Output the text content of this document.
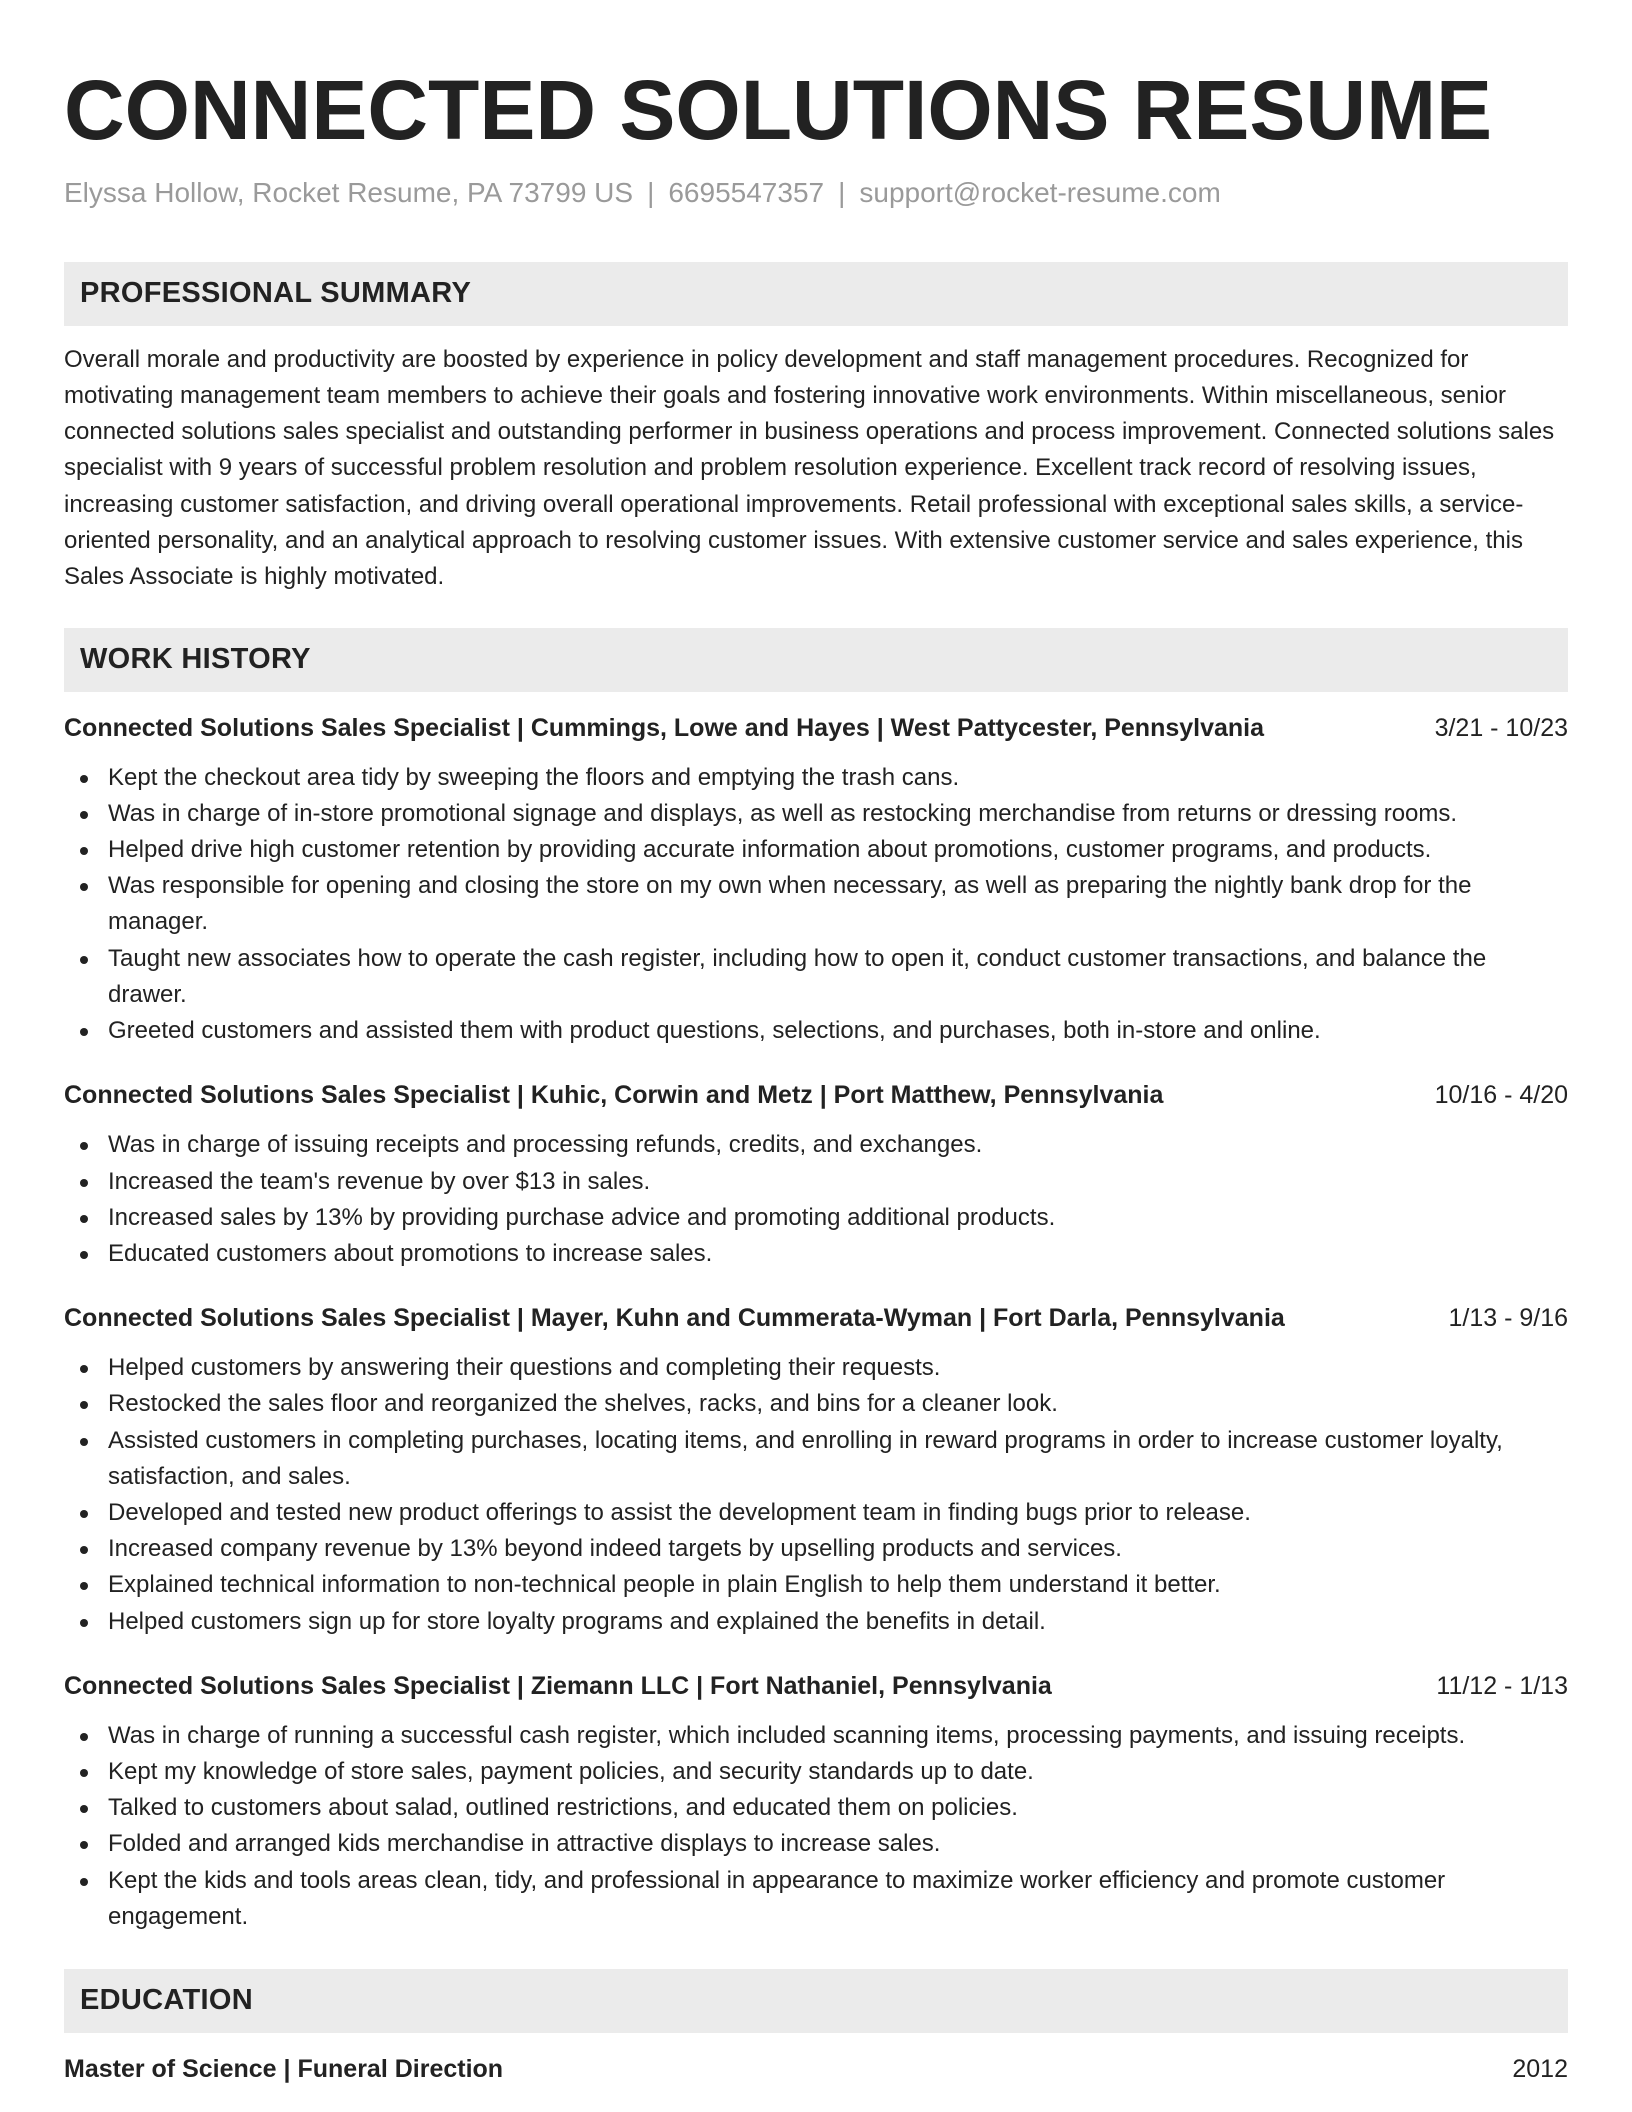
CONNECTED SOLUTIONS RESUME
Elyssa Hollow, Rocket Resume, PA 73799 US | 6695547357 | support@rocket-resume.com
PROFESSIONAL SUMMARY
Overall morale and productivity are boosted by experience in policy development and staff management procedures. Recognized for motivating management team members to achieve their goals and fostering innovative work environments. Within miscellaneous, senior connected solutions sales specialist and outstanding performer in business operations and process improvement. Connected solutions sales specialist with 9 years of successful problem resolution and problem resolution experience. Excellent track record of resolving issues, increasing customer satisfaction, and driving overall operational improvements. Retail professional with exceptional sales skills, a service-oriented personality, and an analytical approach to resolving customer issues. With extensive customer service and sales experience, this Sales Associate is highly motivated.
WORK HISTORY
Connected Solutions Sales Specialist | Cummings, Lowe and Hayes | West Pattycester, Pennsylvania	3/21 - 10/23
Kept the checkout area tidy by sweeping the floors and emptying the trash cans.
Was in charge of in-store promotional signage and displays, as well as restocking merchandise from returns or dressing rooms.
Helped drive high customer retention by providing accurate information about promotions, customer programs, and products.
Was responsible for opening and closing the store on my own when necessary, as well as preparing the nightly bank drop for the manager.
Taught new associates how to operate the cash register, including how to open it, conduct customer transactions, and balance the drawer.
Greeted customers and assisted them with product questions, selections, and purchases, both in-store and online.
Connected Solutions Sales Specialist | Kuhic, Corwin and Metz | Port Matthew, Pennsylvania	10/16 - 4/20
Was in charge of issuing receipts and processing refunds, credits, and exchanges.
Increased the team's revenue by over $13 in sales.
Increased sales by 13% by providing purchase advice and promoting additional products.
Educated customers about promotions to increase sales.
Connected Solutions Sales Specialist | Mayer, Kuhn and Cummerata-Wyman | Fort Darla, Pennsylvania	1/13 - 9/16
Helped customers by answering their questions and completing their requests.
Restocked the sales floor and reorganized the shelves, racks, and bins for a cleaner look.
Assisted customers in completing purchases, locating items, and enrolling in reward programs in order to increase customer loyalty, satisfaction, and sales.
Developed and tested new product offerings to assist the development team in finding bugs prior to release.
Increased company revenue by 13% beyond indeed targets by upselling products and services.
Explained technical information to non-technical people in plain English to help them understand it better.
Helped customers sign up for store loyalty programs and explained the benefits in detail.
Connected Solutions Sales Specialist | Ziemann LLC | Fort Nathaniel, Pennsylvania	11/12 - 1/13
Was in charge of running a successful cash register, which included scanning items, processing payments, and issuing receipts.
Kept my knowledge of store sales, payment policies, and security standards up to date.
Talked to customers about salad, outlined restrictions, and educated them on policies.
Folded and arranged kids merchandise in attractive displays to increase sales.
Kept the kids and tools areas clean, tidy, and professional in appearance to maximize worker efficiency and promote customer engagement.
EDUCATION
Master of Science | Funeral Direction	2012
